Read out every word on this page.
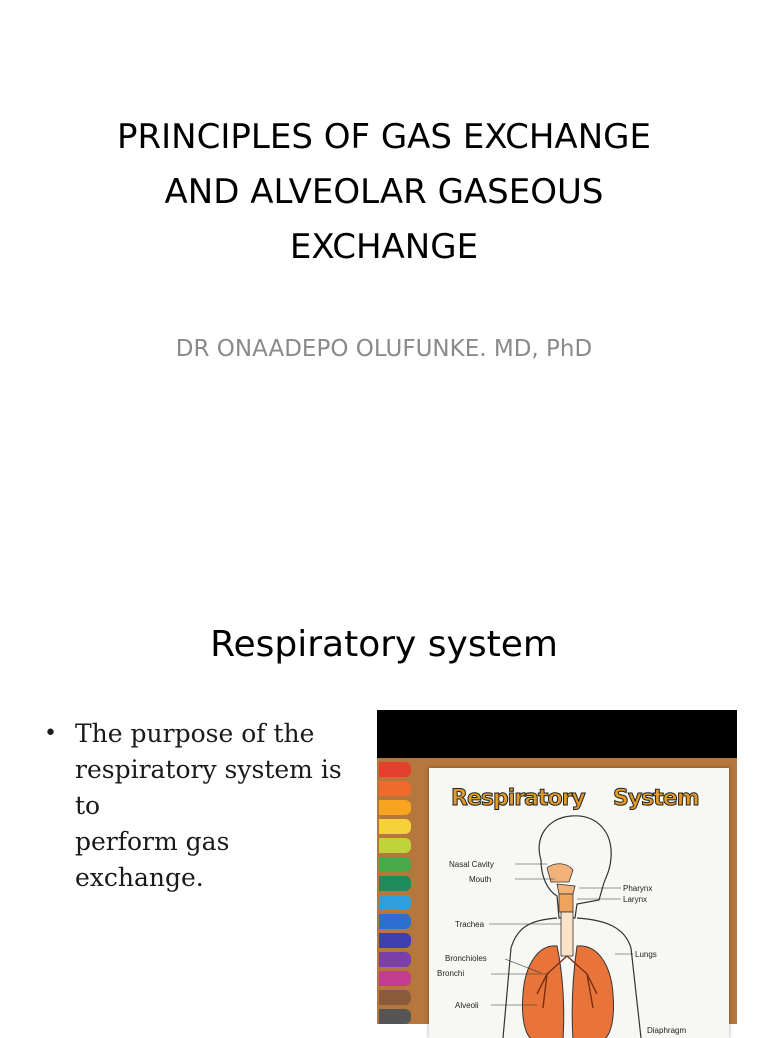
PRINCIPLES OF GAS EXCHANGE
AND ALVEOLAR GASEOUS
EXCHANGE
DR ONAADEPO OLUFUNKE. MD, PhD
Respiratory system
• The purpose of the
respiratory system is to
perform gas exchange.
Respiratory System
Nasal Cavity
Mouth
Pharynx
Larynx
Trachea
Bronchioles
Bronchi
Lungs
Alveoli
Diaphragm
